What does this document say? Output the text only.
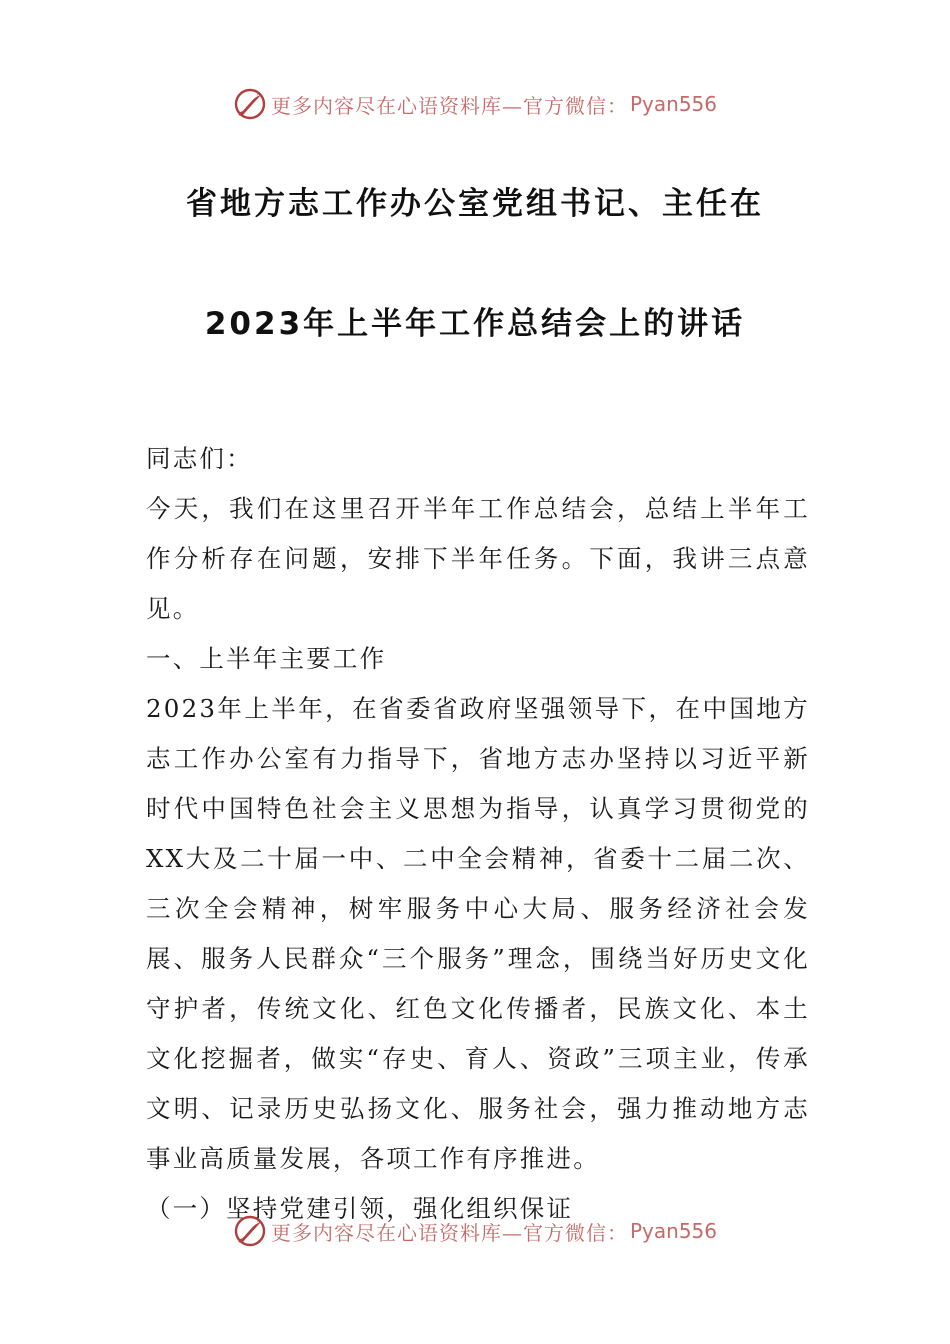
更多内容尽在心语资料库—官方微信： Pyan556
省地方志工作办公室党组书记、主任在
2023年上半年工作总结会上的讲话

同志们：

今天，我们在这里召开半年工作总结会，总结上半年工作分析存在问题，安排下半年任务。下面，我讲三点意见。

一、上半年主要工作

2023年上半年，在省委省政府坚强领导下，在中国地方志工作办公室有力指导下，省地方志办坚持以习近平新时代中国特色社会主义思想为指导，认真学习贯彻党的XX大及二十届一中、二中全会精神，省委十二届二次、三次全会精神，树牢服务中心大局、服务经济社会发展、服务人民群众“三个服务”理念，围绕当好历史文化守护者，传统文化、红色文化传播者，民族文化、本土文化挖掘者，做实“存史、育人、资政”三项主业，传承文明、记录历史弘扬文化、服务社会，强力推动地方志事业高质量发展，各项工作有序推进。

（一）坚持党建引领，强化组织保证

更多内容尽在心语资料库—官方微信： Pyan556
